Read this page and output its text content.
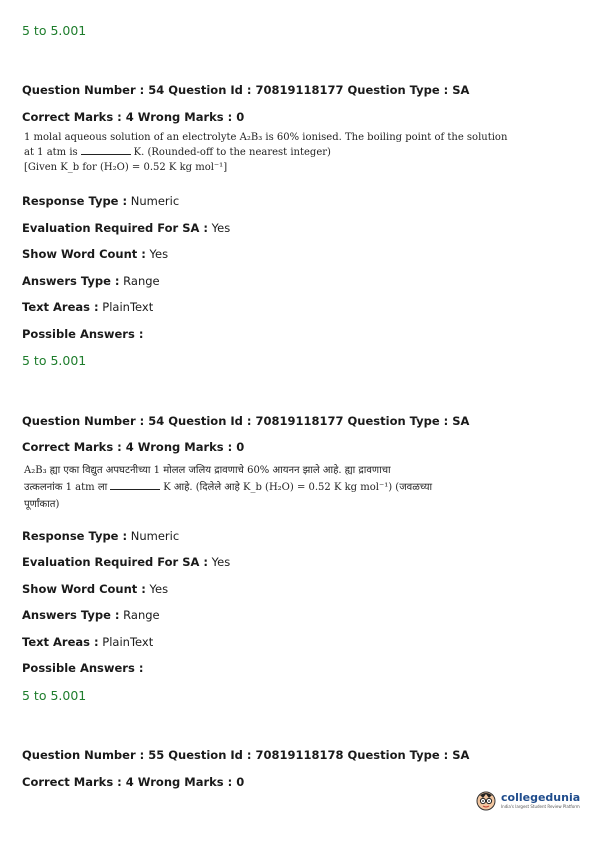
5 to 5.001
Question Number : 54 Question Id : 70819118177 Question Type : SA
Correct Marks : 4 Wrong Marks : 0
1 molal aqueous solution of an electrolyte A₂B₃ is 60% ionised. The boiling point of the solution
at 1 atm is	K. (Rounded-off to the nearest integer)
[Given K_b for (H₂O) = 0.52 K kg mol⁻¹]
Response Type : Numeric
Evaluation Required For SA : Yes
Show Word Count : Yes
Answers Type : Range
Text Areas : PlainText
Possible Answers :
5 to 5.001
Question Number : 54 Question Id : 70819118177 Question Type : SA
Correct Marks : 4 Wrong Marks : 0
A₂B₃ ह्या एका विद्युत अपघटनीच्या 1 मोलल जलिय द्रावणाचे 60% आयनन झाले आहे. ह्या द्रावणाचा
उत्कलनांक 1 atm ला	K आहे. (दिलेले आहे K_b (H₂O) = 0.52 K kg mol⁻¹) (जवळच्या
पूर्णांकात)
Response Type : Numeric
Evaluation Required For SA : Yes
Show Word Count : Yes
Answers Type : Range
Text Areas : PlainText
Possible Answers :
5 to 5.001
Question Number : 55 Question Id : 70819118178 Question Type : SA
Correct Marks : 4 Wrong Marks : 0
collegedunia
India's largest Student Review Platform
